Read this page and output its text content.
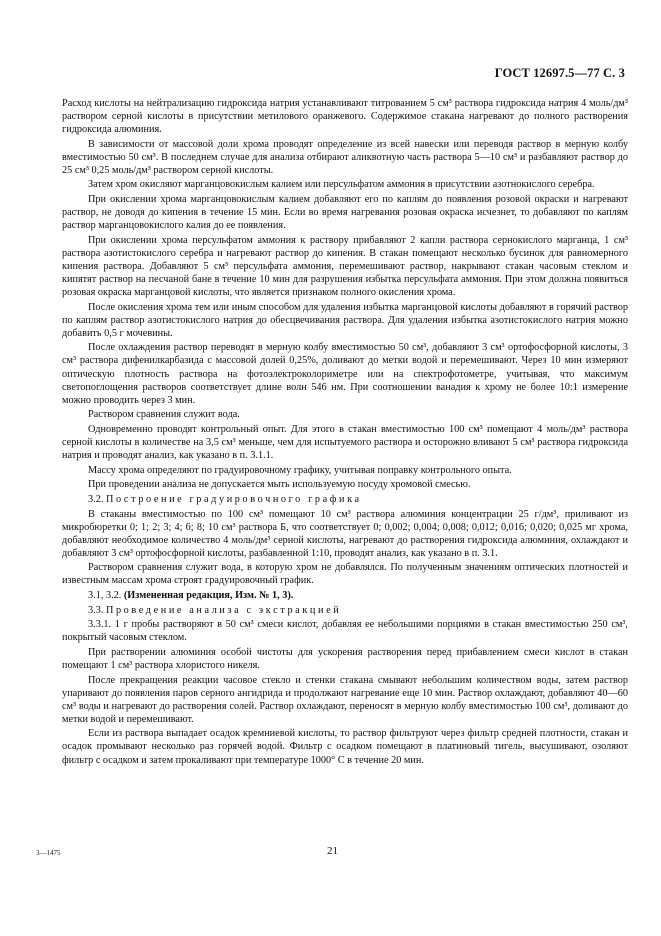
ГОСТ 12697.5—77 С. 3

Расход кислоты на нейтрализацию гидроксида натрия устанавливают титрованием 5 см³ раствора гидроксида натрия 4 моль/дм³ раствором серной кислоты в присутствии метилового оранжевого. Содержимое стакана нагревают до полного растворения гидроксида алюминия.

В зависимости от массовой доли хрома проводят определение из всей навески или переводя раствор в мерную колбу вместимостью 50 см³. В последнем случае для анализа отбирают аликвотную часть раствора 5—10 см³ и разбавляют раствор до 25 см³ 0,25 моль/дм³ раствором серной кислоты.

Затем хром окисляют марганцовокислым калием или персульфатом аммония в присутствии азотнокислого серебра.

При окислении хрома марганцовокислым калием добавляют его по каплям до появления розовой окраски и нагревают раствор, не доводя до кипения в течение 15 мин. Если во время нагревания розовая окраска исчезнет, то добавляют по каплям раствор марганцовокислого калия до ее появления.

При окислении хрома персульфатом аммония к раствору прибавляют 2 капли раствора сернокислого марганца, 1 см³ раствора азотистокислого серебра и нагревают раствор до кипения. В стакан помещают несколько бусинок для равномерного кипения раствора. Добавляют 5 см³ персульфата аммония, перемешивают раствор, накрывают стакан часовым стеклом и кипятят раствор на песчаной бане в течение 10 мин для разрушения избытка персульфата аммония. При этом должна появиться розовая окраска марганцовой кислоты, что является признаком полного окисления хрома.

После окисления хрома тем или иным способом для удаления избытка марганцовой кислоты добавляют в горячий раствор по каплям раствор азотистокислого натрия до обесцвечивания раствора. Для удаления избытка азотистокислого натрия можно добавить 0,5 г мочевины.

После охлаждения раствор переводят в мерную колбу вместимостью 50 см³, добавляют 3 см³ ортофосфорной кислоты, 3 см³ раствора дифенилкарбазида с массовой долей 0,25%, доливают до метки водой и перемешивают. Через 10 мин измеряют оптическую плотность раствора на фотоэлектроколориметре или на спектрофотометре, учитывая, что максимум светопоглощения растворов соответствует длине волн 546 нм. При соотношении ванадия к хрому не более 10:1 измерение можно проводить через 3 мин.

Раствором сравнения служит вода.

Одновременно проводят контрольный опыт. Для этого в стакан вместимостью 100 см³ помещают 4 моль/дм³ раствора серной кислоты в количестве на 3,5 см³ меньше, чем для испытуемого раствора и осторожно вливают 5 см³ раствора гидроксида натрия и проводят анализ, как указано в п. 3.1.1.

Массу хрома определяют по градуировочному графику, учитывая поправку контрольного опыта.

При проведении анализа не допускается мыть используемую посуду хромовой смесью.

3.2. Построение градуировочного графика

В стаканы вместимостью по 100 см³ помещают 10 см³ раствора алюминия концентрации 25 г/дм³, приливают из микробюретки 0; 1; 2; 3; 4; 6; 8; 10 см³ раствора Б, что соответствует 0; 0,002; 0,004; 0,008; 0,012; 0,016; 0,020; 0,025 мг хрома, добавляют необходимое количество 4 моль/дм³ серной кислоты, нагревают до растворения гидроксида алюминия, охлаждают и добавляют 3 см³ ортофосфорной кислоты, разбавленной 1:10, проводят анализ, как указано в п. 3.1.

Раствором сравнения служит вода, в которую хром не добавлялся. По полученным значениям оптических плотностей и известным массам хрома строят градуировочный график.

3.1, 3.2. (Измененная редакция, Изм. № 1, 3).

3.3. Проведение анализа с экстракцией

3.3.1. 1 г пробы растворяют в 50 см³ смеси кислот, добавляя ее небольшими порциями в стакан вместимостью 250 см³, покрытый часовым стеклом.

При растворении алюминия особой чистоты для ускорения растворения перед прибавлением смеси кислот в стакан помещают 1 см³ раствора хлористого никеля.

После прекращения реакции часовое стекло и стенки стакана смывают небольшим количеством воды, затем раствор упаривают до появления паров серного ангидрида и продолжают нагревание еще 10 мин. Раствор охлаждают, добавляют 40—60 см³ воды и нагревают до растворения солей. Раствор охлаждают, переносят в мерную колбу вместимостью 100 см³, доливают до метки водой и перемешивают.

Если из раствора выпадает осадок кремниевой кислоты, то раствор фильтруют через фильтр средней плотности, стакан и осадок промывают несколько раз горячей водой. Фильтр с осадком помещают в платиновый тигель, высушивают, озоляют фильтр с осадком и затем прокаливают при температуре 1000° С в течение 20 мин.

21
3—1475
